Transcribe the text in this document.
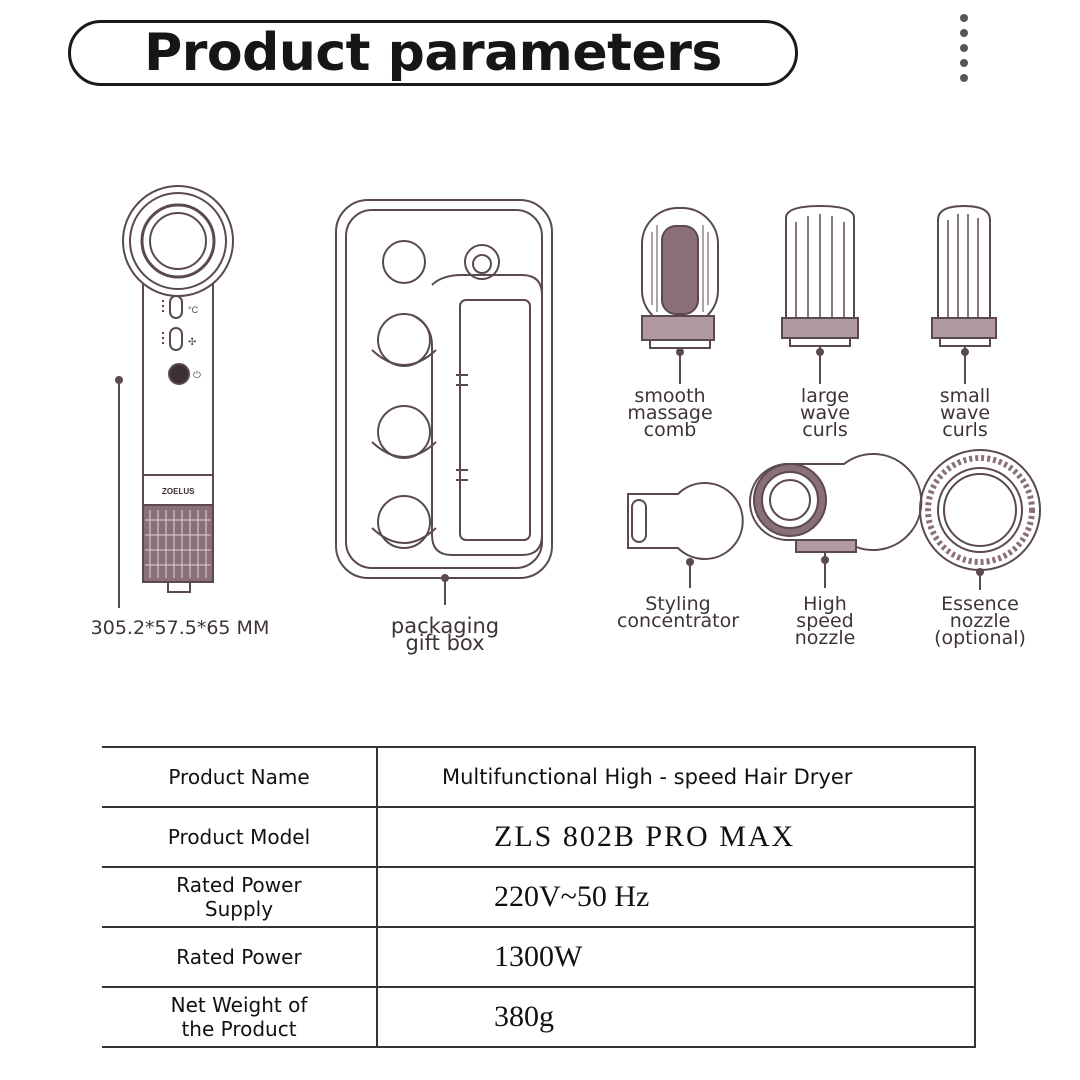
Product parameters
°C
✣
⏻
ZOELUS
305.2*57.5*65 MM	packaging
gift box
smooth
massage
comb
large
wave
curls
small
wave
curls
Styling
concentrator
High
speed
nozzle
Essence
nozzle
(optional)
Product Name	Multifunctional High - speed Hair Dryer
Product Model	ZLS 802B PRO MAX
Rated Power
Supply	220V~50 Hz
Rated Power	1300W
Net Weight of
the Product	380g
